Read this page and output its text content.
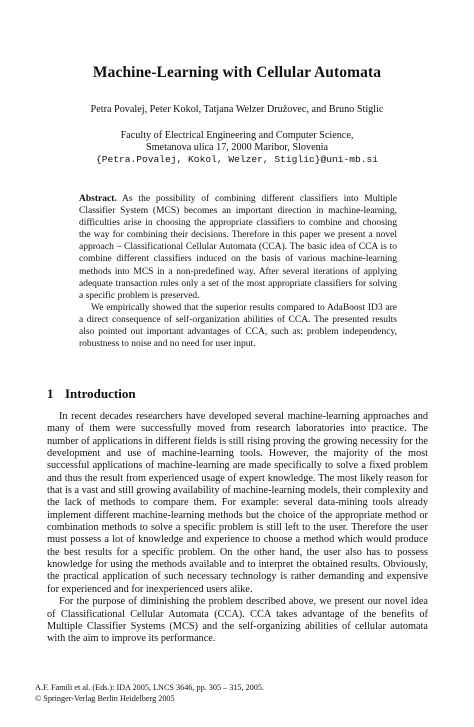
Machine-Learning with Cellular Automata
Petra Povalej, Peter Kokol, Tatjana Welzer Družovec, and Bruno Stiglic
Faculty of Electrical Engineering and Computer Science,
Smetanova ulica 17, 2000 Maribor, Slovenia
{Petra.Povalej, Kokol, Welzer, Stiglic}@uni-mb.si

Abstract. As the possibility of combining different classifiers into Multiple Classifier System (MCS) becomes an important direction in machine-learning, difficulties arise in choosing the appropriate classifiers to combine and choosing the way for combining their decisions. Therefore in this paper we present a novel approach – Classificational Cellular Automata (CCA). The basic idea of CCA is to combine different classifiers induced on the basis of various machine-learning methods into MCS in a non-predefined way. After several iterations of applying adequate transaction rules only a set of the most appropriate classifiers for solving a specific problem is preserved.

We empirically showed that the superior results compared to AdaBoost ID3 are a direct consequence of self-organization abilities of CCA. The presented results also pointed out important advantages of CCA, such as: problem independency, robustness to noise and no need for user input.

1 Introduction

In recent decades researchers have developed several machine-learning approaches and many of them were successfully moved from research laboratories into practice. The number of applications in different fields is still rising proving the growing necessity for the development and use of machine-learning tools. However, the majority of the most successful applications of machine-learning are made specifically to solve a fixed problem and thus the result from experienced usage of expert knowledge. The most likely reason for that is a vast and still growing availability of machine-learning models, their complexity and the lack of methods to compare them. For example: several data-mining tools already implement different machine-learning methods but the choice of the appropriate method or combination methods to solve a specific problem is still left to the user. Therefore the user must possess a lot of knowledge and experience to choose a method which would produce the best results for a specific problem. On the other hand, the user also has to possess knowledge for using the methods available and to interpret the obtained results. Obviously, the practical application of such necessary technology is rather demanding and expensive for experienced and for inexperienced users alike.

For the purpose of diminishing the problem described above, we present our novel idea of Classificational Cellular Automata (CCA). CCA takes advantage of the benefits of Multiple Classifier Systems (MCS) and the self-organizing abilities of cellular automata with the aim to improve its performance.

A.F. Famili et al. (Eds.): IDA 2005, LNCS 3646, pp. 305 – 315, 2005.
© Springer-Verlag Berlin Heidelberg 2005
